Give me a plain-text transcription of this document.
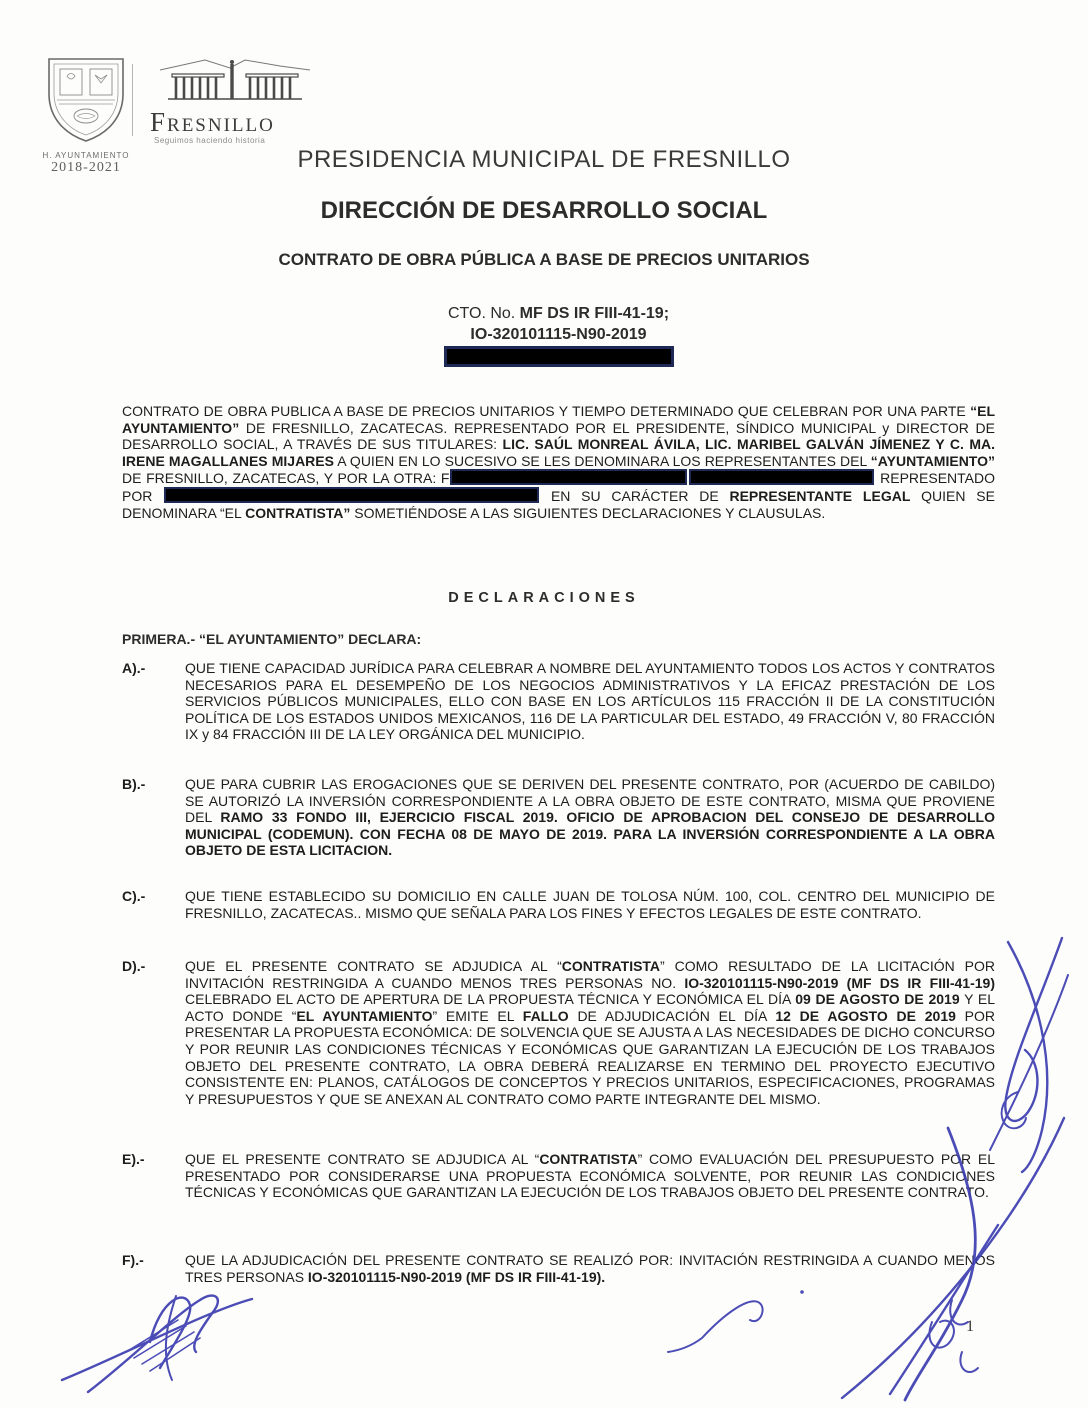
H. AYUNTAMIENTO
2018-2021
Fresnillo
Seguimos haciendo historia
PRESIDENCIA MUNICIPAL DE FRESNILLO
DIRECCIÓN DE DESARROLLO SOCIAL
CONTRATO DE OBRA PÚBLICA A BASE DE PRECIOS UNITARIOS
CTO. No. MF DS IR FIII-41-19;
IO-320101115-N90-2019
CONTRATO DE OBRA PUBLICA A BASE DE PRECIOS UNITARIOS Y TIEMPO DETERMINADO QUE CELEBRAN POR UNA PARTE “EL AYUNTAMIENTO” DE FRESNILLO, ZACATECAS. REPRESENTADO POR EL PRESIDENTE, SÍNDICO MUNICIPAL y DIRECTOR DE DESARROLLO SOCIAL, A TRAVÉS DE SUS TITULARES: LIC. SAÚL MONREAL ÁVILA, LIC. MARIBEL GALVÁN JÍMENEZ Y C. MA. IRENE MAGALLANES MIJARES A QUIEN EN LO SUCESIVO SE LES DENOMINARA LOS REPRESENTANTES DEL “AYUNTAMIENTO” DE FRESNILLO, ZACATECAS, Y POR LA OTRA: F	REPRESENTADO POR	EN SU CARÁCTER DE REPRESENTANTE LEGAL QUIEN SE DENOMINARA “EL CONTRATISTA” SOMETIÉNDOSE A LAS SIGUIENTES DECLARACIONES Y CLAUSULAS.
DECLARACIONES
PRIMERA.- “EL AYUNTAMIENTO” DECLARA:
A).-	QUE TIENE CAPACIDAD JURÍDICA PARA CELEBRAR A NOMBRE DEL AYUNTAMIENTO TODOS LOS ACTOS Y CONTRATOS NECESARIOS PARA EL DESEMPEÑO DE LOS NEGOCIOS ADMINISTRATIVOS Y LA EFICAZ PRESTACIÓN DE LOS SERVICIOS PÚBLICOS MUNICIPALES, ELLO CON BASE EN LOS ARTÍCULOS 115 FRACCIÓN II DE LA CONSTITUCIÓN POLÍTICA DE LOS ESTADOS UNIDOS MEXICANOS, 116 DE LA PARTICULAR DEL ESTADO, 49 FRACCIÓN V, 80 FRACCIÓN IX y 84 FRACCIÓN III DE LA LEY ORGÁNICA DEL MUNICIPIO.
B).-	QUE PARA CUBRIR LAS EROGACIONES QUE SE DERIVEN DEL PRESENTE CONTRATO, POR (ACUERDO DE CABILDO) SE AUTORIZÓ LA INVERSIÓN CORRESPONDIENTE A LA OBRA OBJETO DE ESTE CONTRATO, MISMA QUE PROVIENE DEL RAMO 33 FONDO III, EJERCICIO FISCAL 2019. OFICIO DE APROBACION DEL CONSEJO DE DESARROLLO MUNICIPAL (CODEMUN). CON FECHA 08 DE MAYO DE 2019. PARA LA INVERSIÓN CORRESPONDIENTE A LA OBRA OBJETO DE ESTA LICITACION.
C).-	QUE TIENE ESTABLECIDO SU DOMICILIO EN CALLE JUAN DE TOLOSA NÚM. 100, COL. CENTRO DEL MUNICIPIO DE FRESNILLO, ZACATECAS.. MISMO QUE SEÑALA PARA LOS FINES Y EFECTOS LEGALES DE ESTE CONTRATO.
D).-	QUE EL PRESENTE CONTRATO SE ADJUDICA AL “CONTRATISTA” COMO RESULTADO DE LA LICITACIÓN POR INVITACIÓN RESTRINGIDA A CUANDO MENOS TRES PERSONAS NO. IO-320101115-N90-2019 (MF DS IR FIII-41-19) CELEBRADO EL ACTO DE APERTURA DE LA PROPUESTA TÉCNICA Y ECONÓMICA EL DÍA 09 DE AGOSTO DE 2019 Y EL ACTO DONDE “EL AYUNTAMIENTO” EMITE EL FALLO DE ADJUDICACIÓN EL DÍA 12 DE AGOSTO DE 2019 POR PRESENTAR LA PROPUESTA ECONÓMICA: DE SOLVENCIA QUE SE AJUSTA A LAS NECESIDADES DE DICHO CONCURSO Y POR REUNIR LAS CONDICIONES TÉCNICAS Y ECONÓMICAS QUE GARANTIZAN LA EJECUCIÓN DE LOS TRABAJOS OBJETO DEL PRESENTE CONTRATO, LA OBRA DEBERÁ REALIZARSE EN TERMINO DEL PROYECTO EJECUTIVO CONSISTENTE EN: PLANOS, CATÁLOGOS DE CONCEPTOS Y PRECIOS UNITARIOS, ESPECIFICACIONES, PROGRAMAS Y PRESUPUESTOS Y QUE SE ANEXAN AL CONTRATO COMO PARTE INTEGRANTE DEL MISMO.
E).-	QUE EL PRESENTE CONTRATO SE ADJUDICA AL “CONTRATISTA” COMO EVALUACIÓN DEL PRESUPUESTO POR EL PRESENTADO POR CONSIDERARSE UNA PROPUESTA ECONÓMICA SOLVENTE, POR REUNIR LAS CONDICIONES TÉCNICAS Y ECONÓMICAS QUE GARANTIZAN LA EJECUCIÓN DE LOS TRABAJOS OBJETO DEL PRESENTE CONTRATO.
F).-	QUE LA ADJUDICACIÓN DEL PRESENTE CONTRATO SE REALIZÓ POR: INVITACIÓN RESTRINGIDA A CUANDO MENOS TRES PERSONAS IO-320101115-N90-2019 (MF DS IR FIII-41-19).
1
